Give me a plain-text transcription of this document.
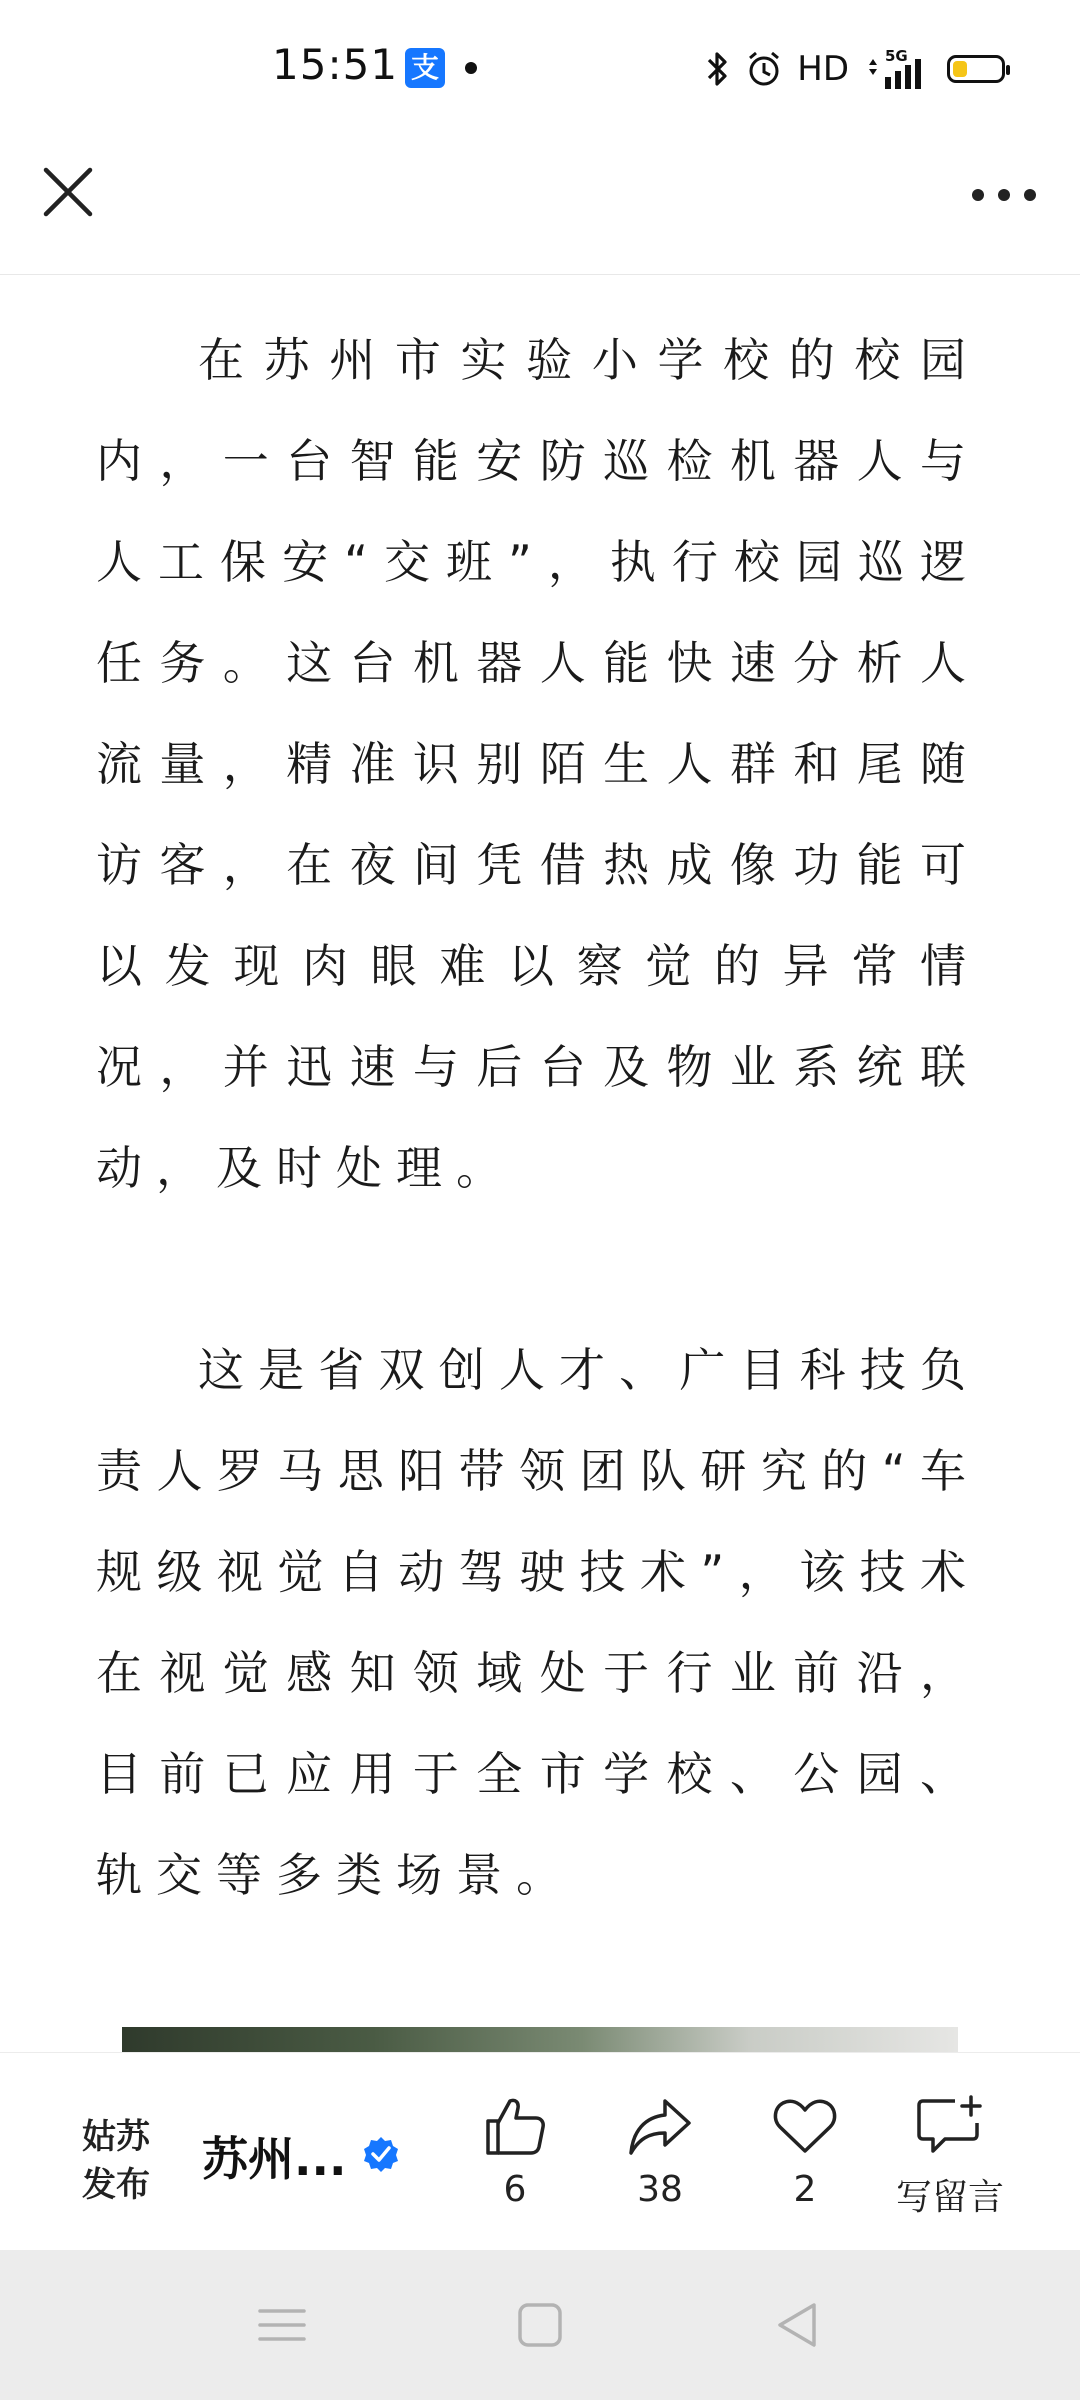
15:51 支	HD 5G

在苏州市实验小学校的校园内，一台智能安防巡检机器人与人工保安“交班”，执行校园巡逻任务。这台机器人能快速分析人流量，精准识别陌生人群和尾随访客，在夜间凭借热成像功能可以发现肉眼难以察觉的异常情况，并迅速与后台及物业系统联动，及时处理。

这是省双创人才、广目科技负责人罗马思阳带领团队研究的“车规级视觉自动驾驶技术”，该技术在视觉感知领域处于行业前沿，目前已应用于全市学校、公园、轨交等多类场景。

姑苏
发布 苏州...
6	38	2	写留言
